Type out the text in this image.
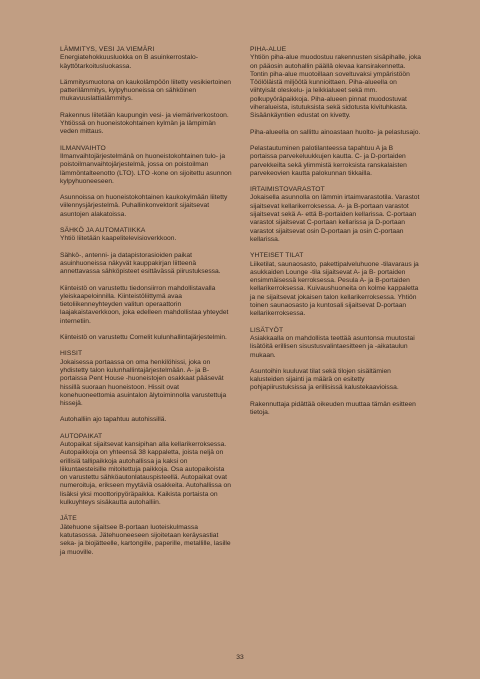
LÄMMITYS, VESI JA VIEMÄRI
Energiatehokkuusluokka on B asuinkerrostalo-käyttötarkoitusluokassa.
Lämmitysmuotona on kaukolämpöön liitetty vesikiertoinen patterilämmitys, kylpyhuoneissa on sähköinen mukavuuslattialämmitys.
Rakennus liitetään kaupungin vesi- ja viemäriverkostoon. Yhtiössä on huoneistokohtainen kylmän ja lämpimän veden mittaus.
ILMANVAIHTO
Ilmanvaihtojärjestelmänä on huoneistokohtainen tulo- ja poistoilmanvaihtojärjestelmä, jossa on poistoilman lämmöntalteenotto (LTO). LTO -kone on sijoitettu asunnon kylpyhuoneeseen.
Asunnoissa on huoneistokohtainen kaukokylmään liitetty viilennysjärjestelmä. Puhallinkonvektorit sijaitsevat asuntojen alakatoissa.
SÄHKÖ JA AUTOMATIIKKA
Yhtiö liitetään kaapelitelevisioverkkoon.
Sähkö-, antenni- ja datapistorasioiden paikat asuinhuoneissa näkyvät kauppakirjan liitteenä annettavassa sähköpisteet esittävässä piirustuksessa.
Kiinteistö on varustettu tiedonsiirron mahdollistavalla yleiskaapeloinnilla. Kiinteistöliittymä avaa tietoliikenneyhteyden valitun operaattorin laajakaistaverkkoon, joka edelleen mahdollistaa yhteydet internetiin.
Kiinteistö on varustettu Comelit kulunhallintajärjestelmin.
HISSIT
Jokaisessa portaassa on oma henkilöhissi, joka on yhdistetty talon kulunhallintajärjestelmään. A- ja B-portaissa Pent House -huoneistojen osakkaat pääsevät hissillä suoraan huoneistoon. Hissit ovat konehuoneettomia asuintalon älytoiminnolla varustettuja hissejä.
Autohalliin ajo tapahtuu autohissillä.
AUTOPAIKAT
Autopaikat sijaitsevat kansipihan alla kellarikerroksessa. Autopaikkoja on yhteensä 38 kappaletta, joista neljä on erillisiä tallipaikkoja autohallissa ja kaksi on liikuntaesteisille mitoitettuja paikkoja. Osa autopaikoista on varustettu sähköautonlatauspisteellä. Autopaikat ovat numeroituja, erikseen myytäviä osakkeita. Autohallissa on lisäksi yksi moottoripyöräpaikka. Kaikista portaista on kulkuyhteys sisäkautta autohalliin.
JÄTE
Jätehuone sijaitsee B-portaan luoteiskulmassa katutasossa. Jätehuoneeseen sijoitetaan keräysastiat seka- ja biojätteelle, kartongille, paperille, metallille, lasille ja muoville.
PIHA-ALUE
Yhtiön piha-alue muodostuu rakennusten sisäpihalle, joka on pääosin autohallin päällä olevaa kansirakennetta. Tontin piha-alue muotoillaan soveltuvaksi ympäristöön Töölöläistä miljöötä kunnioittaen. Piha-alueella on viihtyisät oleskelu- ja leikkialueet sekä mm. polkupyöräpaikkoja. Piha-alueen pinnat muodostuvat viheralueista, istutuksista sekä sidotusta kivituhkasta. Sisäänkäyntien edustat on kivetty.
Piha-alueella on sallittu ainoastaan huolto- ja pelastusajo.
Pelastautuminen palotilanteessa tapahtuu A ja B portaissa parvekeluukkujen kautta. C- ja D-portaiden parvekkeilta sekä ylimmistä kerroksista ranskalaisten parvekeovien kautta palokunnan tikkailla.
IRTAIMISTOVARASTOT
Jokaisella asunnolla on lämmin irtaimvarastotila. Varastot sijaitsevat kellarikerroksessa. A- ja B-portaan varastot sijaitsevat sekä A- että B-portaiden kellarissa. C-portaan varastot sijaitsevat C-portaan kellarissa ja D-portaan varastot sijaitsevat osin D-portaan ja osin C-portaan kellarissa.
YHTEISET TILAT
Liiketilat, saunaosasto, pakettipalveluhuone -tilavaraus ja asukkaiden Lounge -tila sijaitsevat A- ja B- portaiden ensimmäisessä kerroksessa. Pesula A- ja B-portaiden kellarikerroksessa. Kuivaushuoneita on kolme kappaletta ja ne sijaitsevat jokaisen talon kellarikerroksessa. Yhtiön toinen saunaosasto ja kuntosali sijaitsevat D-portaan kellarikerroksessa.
LISÄTYÖT
Asiakkaalla on mahdollista teettää asuntonsa muutostai lisätöitä erillisen sisustusvalintaesitteen ja -aikataulun mukaan.
Asuntoihin kuuluvat tilat sekä tilojen sisältämien kalusteiden sijainti ja määrä on esitetty pohjapiirustuksissa ja erillisissä kalustekaavioissa.
Rakennuttaja pidättää oikeuden muuttaa tämän esitteen tietoja.
33
